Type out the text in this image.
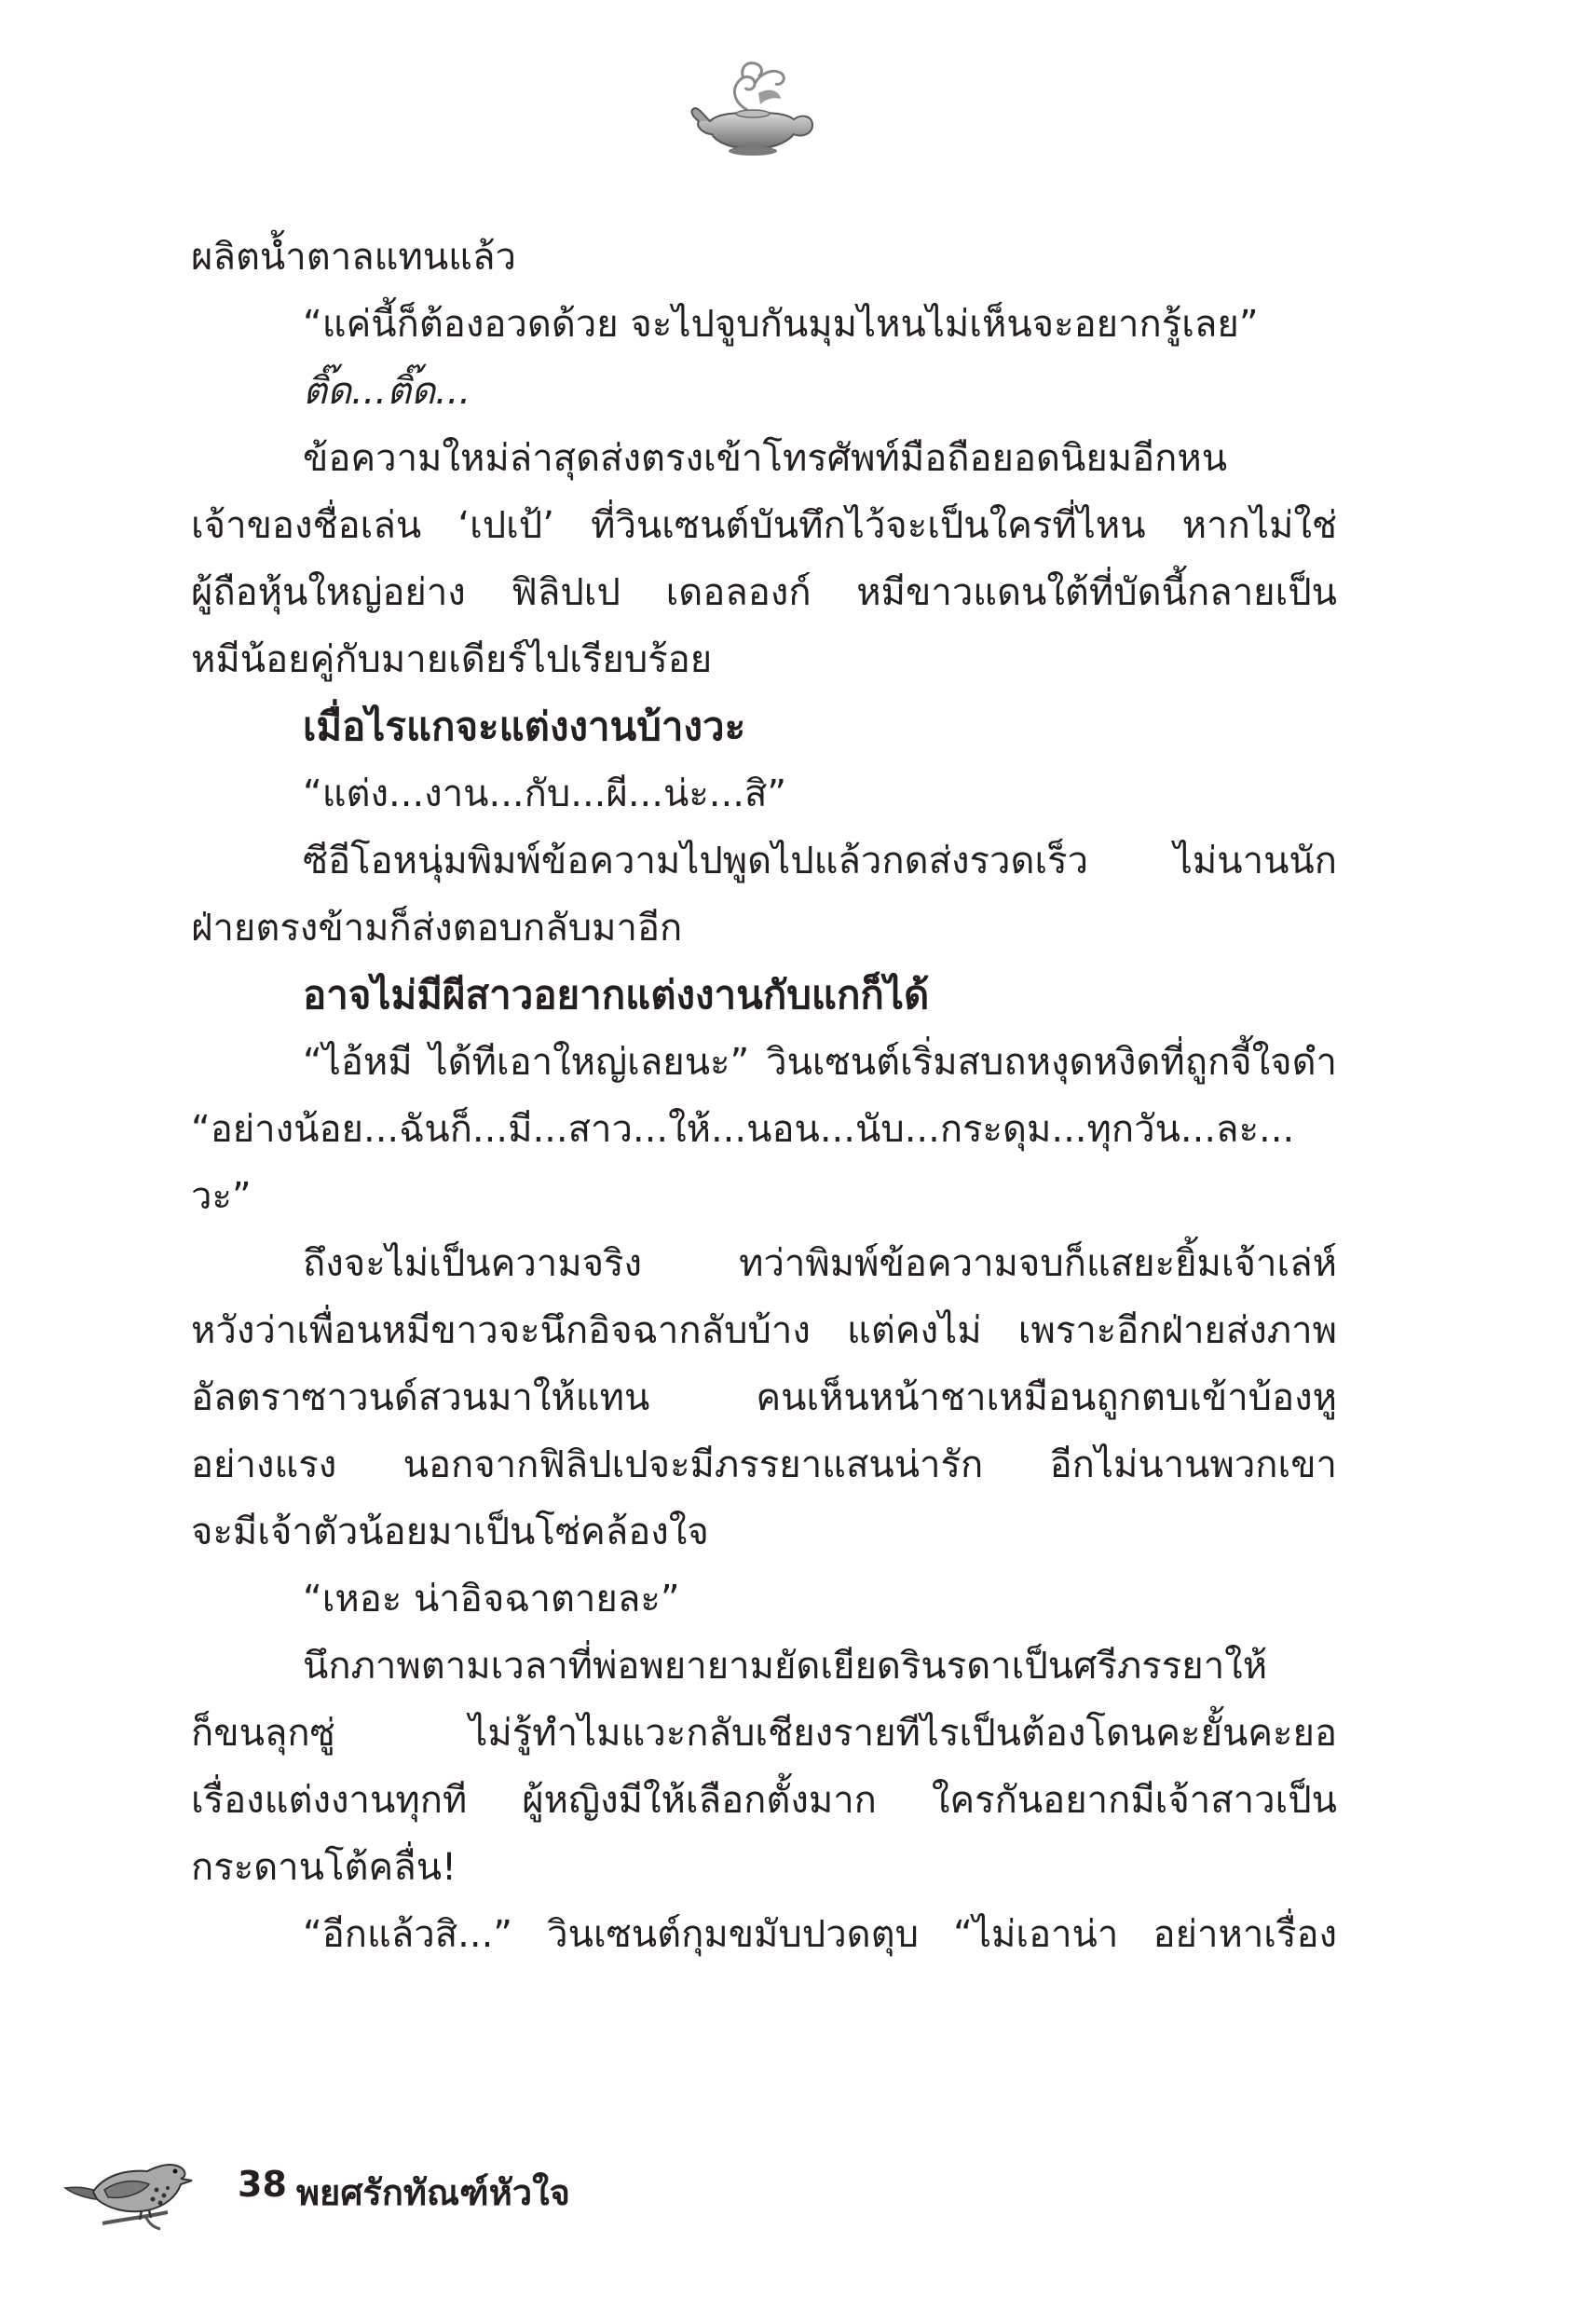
ผลิตน้ำตาลแทนแล้ว
“แค่นี้ก็ต้องอวดด้วย จะไปจูบกันมุมไหนไม่เห็นจะอยากรู้เลย”
ติ๊ด...ติ๊ด...
ข้อความใหม่ล่าสุดส่งตรงเข้าโทรศัพท์มือถือยอดนิยมอีกหน
เจ้าของชื่อเล่น ‘เปเป้’ ที่วินเซนต์บันทึกไว้จะเป็นใครที่ไหน หากไม่ใช่
ผู้ถือหุ้นใหญ่อย่าง ฟิลิปเป เดอลองก์ หมีขาวแดนใต้ที่บัดนี้กลายเป็น
หมีน้อยคู่กับมายเดียร์ไปเรียบร้อย
เมื่อไรแกจะแต่งงานบ้างวะ
“แต่ง...งาน...กับ...ผี...น่ะ...สิ”
ซีอีโอหนุ่มพิมพ์ข้อความไปพูดไปแล้วกดส่งรวดเร็ว ไม่นานนัก
ฝ่ายตรงข้ามก็ส่งตอบกลับมาอีก
อาจไม่มีผีสาวอยากแต่งงานกับแกก็ได้
“ไอ้หมี ได้ทีเอาใหญ่เลยนะ” วินเซนต์เริ่มสบถหงุดหงิดที่ถูกจี้ใจดำ
“อย่างน้อย...ฉันก็...มี...สาว...ให้...นอน...นับ...กระดุม...ทุกวัน...ละ...
วะ”
ถึงจะไม่เป็นความจริง ทว่าพิมพ์ข้อความจบก็แสยะยิ้มเจ้าเล่ห์
หวังว่าเพื่อนหมีขาวจะนึกอิจฉากลับบ้าง แต่คงไม่ เพราะอีกฝ่ายส่งภาพ
อัลตราซาวนด์สวนมาให้แทน คนเห็นหน้าชาเหมือนถูกตบเข้าบ้องหู
อย่างแรง นอกจากฟิลิปเปจะมีภรรยาแสนน่ารัก อีกไม่นานพวกเขา
จะมีเจ้าตัวน้อยมาเป็นโซ่คล้องใจ
“เหอะ น่าอิจฉาตายละ”
นึกภาพตามเวลาที่พ่อพยายามยัดเยียดรินรดาเป็นศรีภรรยาให้
ก็ขนลุกซู่ ไม่รู้ทำไมแวะกลับเชียงรายทีไรเป็นต้องโดนคะยั้นคะยอ
เรื่องแต่งงานทุกที ผู้หญิงมีให้เลือกตั้งมาก ใครกันอยากมีเจ้าสาวเป็น
กระดานโต้คลื่น!
“อีกแล้วสิ...” วินเซนต์กุมขมับปวดตุบ “ไม่เอาน่า อย่าหาเรื่อง
38 พยศรักทัณฑ์หัวใจ
